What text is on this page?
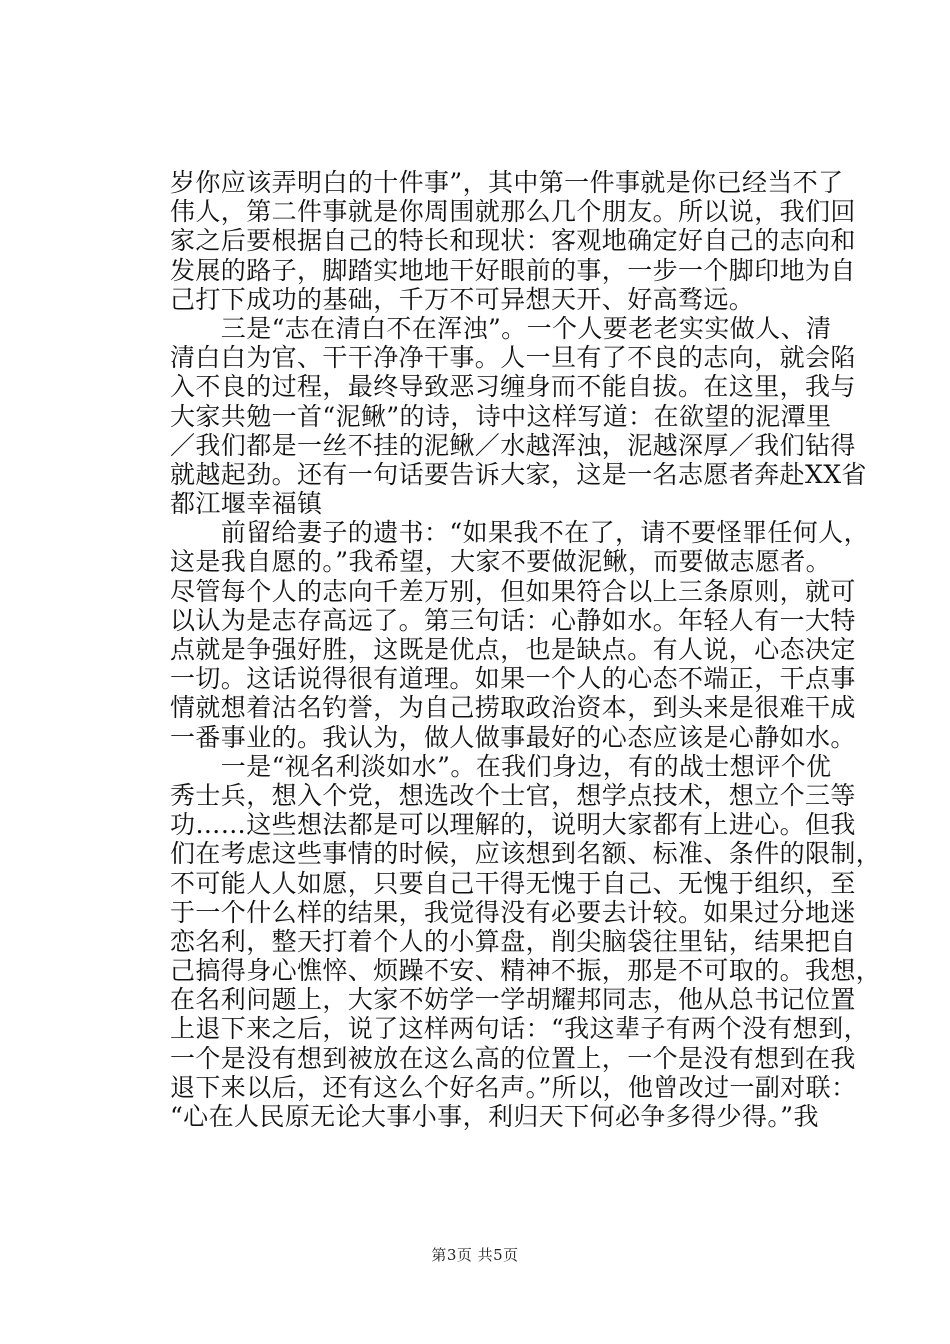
岁你应该弄明白的十件事”，其中第一件事就是你已经当不了
伟人，第二件事就是你周围就那么几个朋友。所以说，我们回
家之后要根据自己的特长和现状：客观地确定好自己的志向和
发展的路子，脚踏实地地干好眼前的事，一步一个脚印地为自
己打下成功的基础，千万不可异想天开、好高骛远。
　　三是“志在清白不在浑浊”。一个人要老老实实做人、清
清白白为官、干干净净干事。人一旦有了不良的志向，就会陷
入不良的过程，最终导致恶习缠身而不能自拔。在这里，我与
大家共勉一首“泥鳅”的诗，诗中这样写道：在欲望的泥潭里
／我们都是一丝不挂的泥鳅／水越浑浊，泥越深厚／我们钻得
就越起劲。还有一句话要告诉大家，这是一名志愿者奔赴XX省
都江堰幸福镇
　　前留给妻子的遗书：“如果我不在了，请不要怪罪任何人，
这是我自愿的。”我希望，大家不要做泥鳅，而要做志愿者。
尽管每个人的志向千差万别，但如果符合以上三条原则，就可
以认为是志存高远了。第三句话：心静如水。年轻人有一大特
点就是争强好胜，这既是优点，也是缺点。有人说，心态决定
一切。这话说得很有道理。如果一个人的心态不端正，干点事
情就想着沽名钓誉，为自己捞取政治资本，到头来是很难干成
一番事业的。我认为，做人做事最好的心态应该是心静如水。
　　一是“视名利淡如水”。在我们身边，有的战士想评个优
秀士兵，想入个党，想选改个士官，想学点技术，想立个三等
功……这些想法都是可以理解的，说明大家都有上进心。但我
们在考虑这些事情的时候，应该想到名额、标准、条件的限制，
不可能人人如愿，只要自己干得无愧于自己、无愧于组织，至
于一个什么样的结果，我觉得没有必要去计较。如果过分地迷
恋名利，整天打着个人的小算盘，削尖脑袋往里钻，结果把自
己搞得身心憔悴、烦躁不安、精神不振，那是不可取的。我想，
在名利问题上，大家不妨学一学胡耀邦同志，他从总书记位置
上退下来之后，说了这样两句话：“我这辈子有两个没有想到，
一个是没有想到被放在这么高的位置上，一个是没有想到在我
退下来以后，还有这么个好名声。”所以，他曾改过一副对联：
“心在人民原无论大事小事，利归天下何必争多得少得。”我
第3页 共5页
